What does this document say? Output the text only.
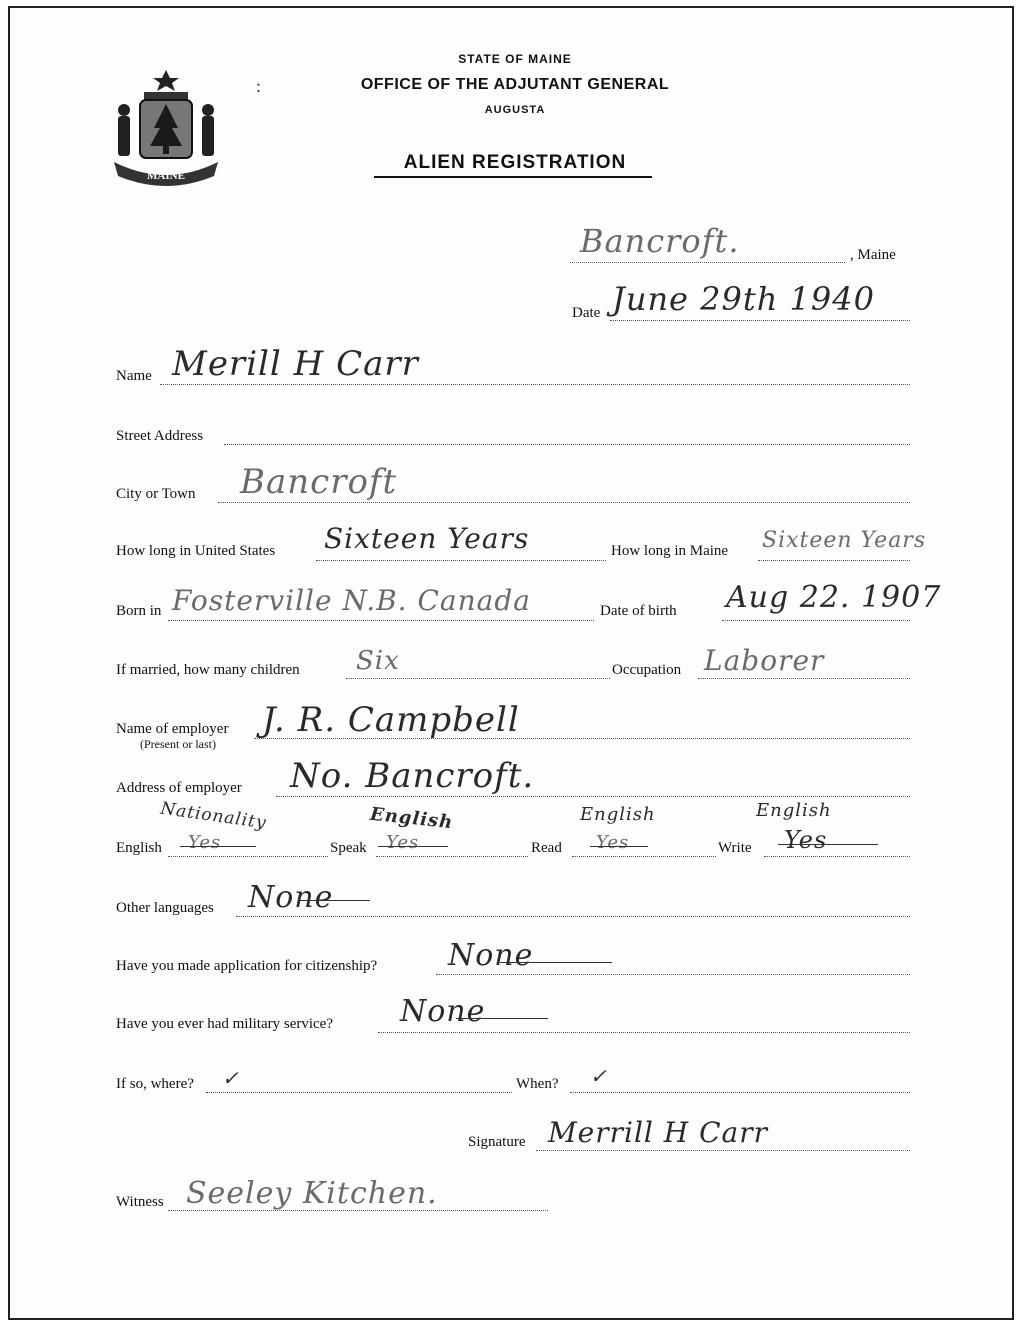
MAINE
:
STATE OF MAINE
OFFICE OF THE ADJUTANT GENERAL
AUGUSTA
ALIEN REGISTRATION
Bancroft.	, Maine
Date June 29th 1940
Name Merill H Carr
Street Address
City or Town Bancroft
How long in United States Sixteen Years	How long in Maine Sixteen Years
Born in Fosterville N.B. Canada	Date of birth Aug 22. 1907
If married, how many children Six	Occupation Laborer
Name of employer
(Present or last)
J. R. Campbell
Address of employer No. Bancroft.
Nationality	English	English	English
English Yes	Speak Yes	Read Yes	Write Yes
Other languages None
Have you made application for citizenship? None
Have you ever had military service? None
If so, where? ✓	When? ✓
Signature Merrill H Carr
Witness Seeley Kitchen.
